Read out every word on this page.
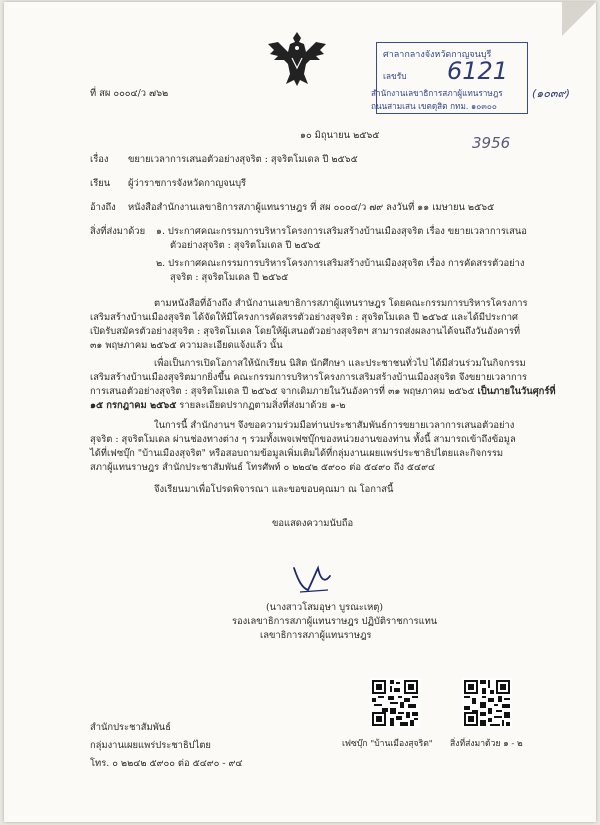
ที่ สผ ๐๐๐๔/ว ๗๖๒
ศาลากลางจังหวัดกาญจนบุรี
เลขรับ 6121
สำนักงานเลขาธิการสภาผู้แทนราษฎร
ถนนสามเสน เขตดุสิต กทม. ๑๐๓๐๐
(๑๐๓๙)
๑๐ มิถุนายน ๒๕๖๕	3956
เรื่อง ขยายเวลาการเสนอตัวอย่างสุจริต : สุจริตโมเดล ปี ๒๕๖๕
เรียน ผู้ว่าราชการจังหวัดกาญจนบุรี
อ้างถึง หนังสือสำนักงานเลขาธิการสภาผู้แทนราษฎร ที่ สผ ๐๐๐๔/ว ๗๙ ลงวันที่ ๑๑ เมษายน ๒๕๖๕
สิ่งที่ส่งมาด้วย ๑. ประกาศคณะกรรมการบริหารโครงการเสริมสร้างบ้านเมืองสุจริต เรื่อง ขยายเวลาการเสนอ
ตัวอย่างสุจริต : สุจริตโมเดล ปี ๒๕๖๕
๒. ประกาศคณะกรรมการบริหารโครงการเสริมสร้างบ้านเมืองสุจริต เรื่อง การคัดสรรตัวอย่าง
สุจริต : สุจริตโมเดล ปี ๒๕๖๕
ตามหนังสือที่อ้างถึง สำนักงานเลขาธิการสภาผู้แทนราษฎร โดยคณะกรรมการบริหารโครงการ
เสริมสร้างบ้านเมืองสุจริต ได้จัดให้มีโครงการคัดสรรตัวอย่างสุจริต : สุจริตโมเดล ปี ๒๕๖๕ และได้มีประกาศ
เปิดรับสมัครตัวอย่างสุจริต : สุจริตโมเดล โดยให้ผู้เสนอตัวอย่างสุจริตฯ สามารถส่งผลงานได้จนถึงวันอังคารที่
๓๑ พฤษภาคม ๒๕๖๕ ความละเอียดแจ้งแล้ว นั้น
เพื่อเป็นการเปิดโอกาสให้นักเรียน นิสิต นักศึกษา และประชาชนทั่วไป ได้มีส่วนร่วมในกิจกรรม
เสริมสร้างบ้านเมืองสุจริตมากยิ่งขึ้น คณะกรรมการบริหารโครงการเสริมสร้างบ้านเมืองสุจริต จึงขยายเวลาการ
การเสนอตัวอย่างสุจริต : สุจริตโมเดล ปี ๒๕๖๕ จากเดิมภายในวันอังคารที่ ๓๑ พฤษภาคม ๒๕๖๕ เป็นภายในวันศุกร์ที่
๑๕ กรกฎาคม ๒๕๖๕ รายละเอียดปรากฏตามสิ่งที่ส่งมาด้วย ๑-๒
ในการนี้ สำนักงานฯ จึงขอความร่วมมือท่านประชาสัมพันธ์การขยายเวลาการเสนอตัวอย่าง
สุจริต : สุจริตโมเดล ผ่านช่องทางต่าง ๆ รวมทั้งเพจเฟซบุ๊กของหน่วยงานของท่าน ทั้งนี้ สามารถเข้าถึงข้อมูล
ได้ที่เฟซบุ๊ก "บ้านเมืองสุจริต" หรือสอบถามข้อมูลเพิ่มเติมได้ที่กลุ่มงานเผยแพร่ประชาธิปไตยและกิจกรรม
สภาผู้แทนราษฎร สำนักประชาสัมพันธ์ โทรศัพท์ ๐ ๒๒๔๒ ๕๙๐๐ ต่อ ๕๔๙๐ ถึง ๕๔๙๔
จึงเรียนมาเพื่อโปรดพิจารณา และขอขอบคุณมา ณ โอกาสนี้
ขอแสดงความนับถือ
(นางสาวโสมอุษา บูรณะเหตุ)
รองเลขาธิการสภาผู้แทนราษฎร ปฏิบัติราชการแทน
เลขาธิการสภาผู้แทนราษฎร
เฟซบุ๊ก "บ้านเมืองสุจริต" สิ่งที่ส่งมาด้วย ๑ - ๒
สำนักประชาสัมพันธ์
กลุ่มงานเผยแพร่ประชาธิปไตย
โทร. ๐ ๒๒๔๒ ๕๙๐๐ ต่อ ๕๔๙๐ - ๙๔
